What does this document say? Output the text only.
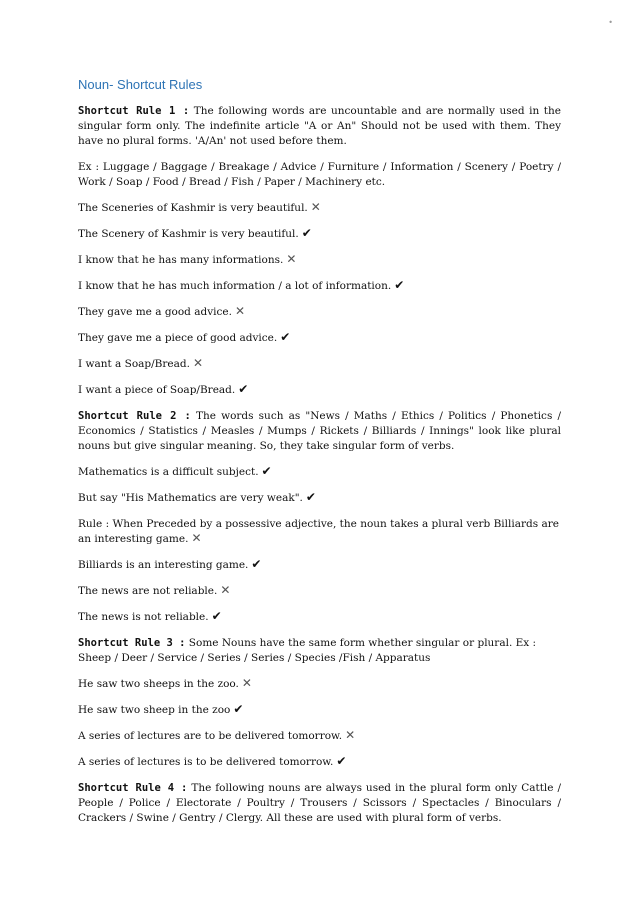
•
Noun- Shortcut Rules

Shortcut Rule 1 : The following words are uncountable and are normally used in the singular form only. The indefinite article "A or An" Should not be used with them. They have no plural forms. 'A/An' not used before them.

Ex : Luggage / Baggage / Breakage / Advice / Furniture / Information / Scenery / Poetry / Work / Soap / Food / Bread / Fish / Paper / Machinery etc.

The Sceneries of Kashmir is very beautiful. ✕

The Scenery of Kashmir is very beautiful. ✔

I know that he has many informations. ✕

I know that he has much information / a lot of information. ✔

They gave me a good advice. ✕

They gave me a piece of good advice. ✔

I want a Soap/Bread. ✕

I want a piece of Soap/Bread. ✔

Shortcut Rule 2 : The words such as "News / Maths / Ethics / Politics / Phonetics / Economics / Statistics / Measles / Mumps / Rickets / Billiards / Innings" look like plural nouns but give singular meaning. So, they take singular form of verbs.

Mathematics is a difficult subject. ✔

But say "His Mathematics are very weak". ✔

Rule : When Preceded by a possessive adjective, the noun takes a plural verb Billiards are an interesting game. ✕

Billiards is an interesting game. ✔

The news are not reliable. ✕

The news is not reliable. ✔

Shortcut Rule 3 : Some Nouns have the same form whether singular or plural. Ex : Sheep / Deer / Service / Series / Series / Species /Fish / Apparatus

He saw two sheeps in the zoo. ✕

He saw two sheep in the zoo ✔

A series of lectures are to be delivered tomorrow. ✕

A series of lectures is to be delivered tomorrow. ✔

Shortcut Rule 4 : The following nouns are always used in the plural form only Cattle / People / Police / Electorate / Poultry / Trousers / Scissors / Spectacles / Binoculars / Crackers / Swine / Gentry / Clergy. All these are used with plural form of verbs.
